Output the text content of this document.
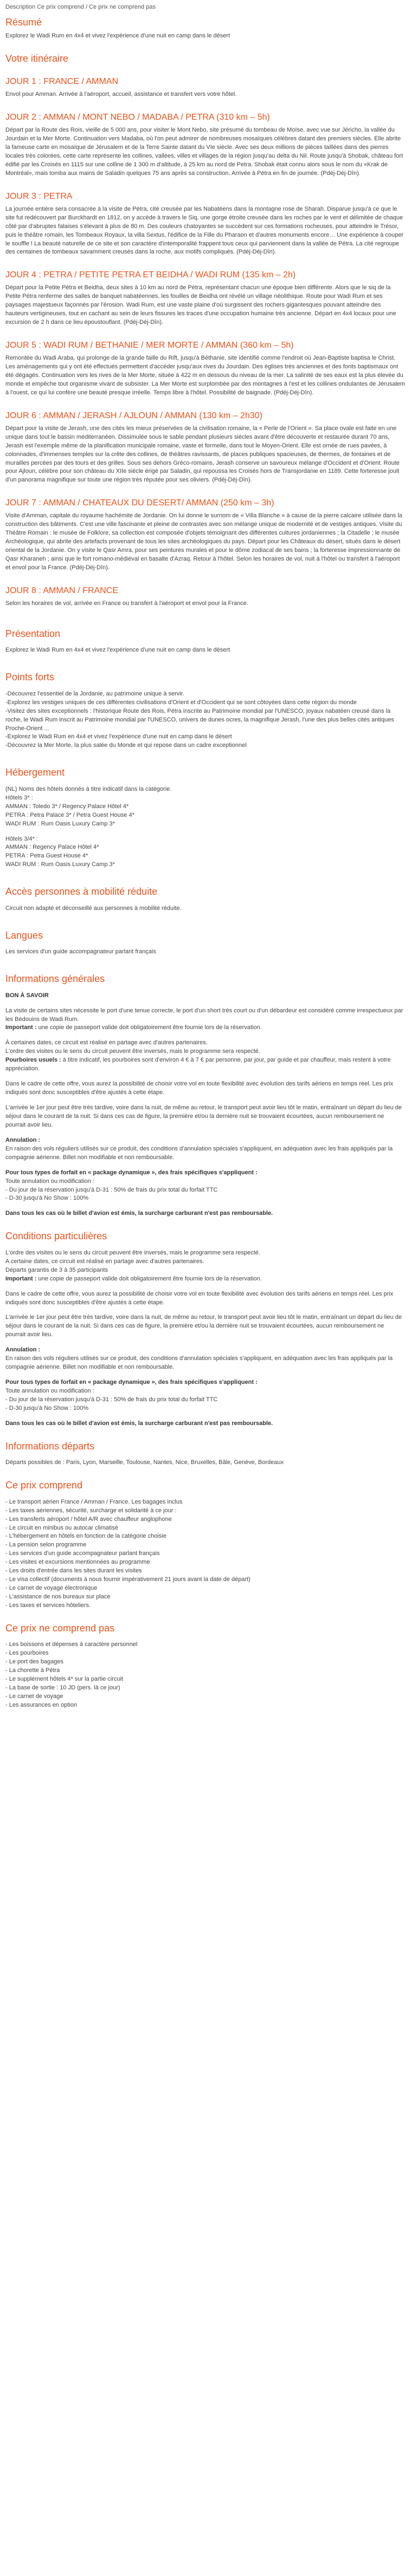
Description Ce prix comprend / Ce prix ne comprend pas

Résumé

Explorez le Wadi Rum en 4x4 et vivez l'expérience d'une nuit en camp dans le désert

Votre itinéraire
JOUR 1 : FRANCE / AMMAN

Envol pour Amman. Arrivée à l'aéroport, accueil, assistance et transfert vers votre hôtel.

JOUR 2 : AMMAN / MONT NEBO / MADABA / PETRA (310 km – 5h)

Départ par la Route des Rois, vieille de 5 000 ans, pour visiter le Mont Nebo, site présumé du tombeau de Moïse, avec vue sur Jéricho, la vallée du Jourdain et la Mer Morte. Continuation vers Madaba, où l'on peut admirer de nombreuses mosaïques célèbres datant des premiers siècles. Elle abrite la fameuse carte en mosaïque de Jérusalem et de la Terre Sainte datant du VIe siècle. Avec ses deux millions de pièces taillées dans des pierres locales très colorées, cette carte représente les collines, vallées, villes et villages de la région jusqu'au delta du Nil. Route jusqu'à Shobak, château fort édifié par les Croisés en 1115 sur une colline de 1 300 m d'altitude, à 25 km au nord de Petra. Shobak était connu alors sous le nom du «Krak de Montréal», mais tomba aux mains de Saladin quelques 75 ans après sa construction. Arrivée à Pétra en fin de journée. (Pdéj-Déj-Dîn).

JOUR 3 : PETRA

La journée entière sera consacrée à la visite de Pétra, cité creusée par les Nabatéens dans la montagne rose de Sharah. Disparue jusqu'à ce que le site fut redécouvert par Burckhardt en 1812, on y accède à travers le Siq, une gorge étroite creusée dans les roches par le vent et délimitée de chaque côté par d'abruptes falaises s'élevant à plus de 80 m. Des couleurs chatoyantes se succèdent sur ces formations rocheuses, pour atteindre le Trésor, puis le théâtre romain, les Tombeaux Royaux, la villa Sextus, l'édifice de la Fille du Pharaon et d'autres monuments encore… Une expérience à couper le souffle ! La beauté naturelle de ce site et son caractère d'intemporalité frappent tous ceux qui parviennent dans la vallée de Pétra. La cité regroupe des centaines de tombeaux savamment creusés dans la roche, aux motifs compliqués. (Pdéj-Déj-Dîn).

JOUR 4 : PETRA / PETITE PETRA ET BEIDHA / WADI RUM (135 km – 2h)

Départ pour la Petite Pétra et Beidha, deux sites à 10 km au nord de Pétra, représentant chacun une époque bien différente. Alors que le siq de la Petite Pétra renferme des salles de banquet nabatéennes, les fouilles de Beidha ont révélé un village néolithique. Route pour Wadi Rum et ses paysages majestueux façonnés par l'érosion. Wadi Rum, est une vaste plaine d'où surgissent des rochers gigantesques pouvant atteindre des hauteurs vertigineuses, tout en cachant au sein de leurs fissures les traces d'une occupation humaine très ancienne. Départ en 4x4 locaux pour une excursion de 2 h dans ce lieu époustouflant. (Pdéj-Déj-Dîn).

JOUR 5 : WADI RUM / BETHANIE / MER MORTE / AMMAN (360 km – 5h)

Remontée du Wadi Araba, qui prolonge de la grande faille du Rift, jusqu'à Béthanie, site identifié comme l'endroit où Jean-Baptiste baptisa le Christ. Les aménagements qui y ont été effectués permettent d'accéder jusqu'aux rives du Jourdain. Des églises très anciennes et des fonts baptismaux ont été dégagés. Continuation vers les rives de la Mer Morte, située à 422 m en dessous du niveau de la mer. La salinité de ses eaux est la plus élevée du monde et empêche tout organisme vivant de subsister. La Mer Morte est surplombée par des montagnes à l'est et les collines ondulantes de Jérusalem à l'ouest, ce qui lui confère une beauté presque irréelle. Temps libre à l'hôtel. Possibilité de baignade. (Pdéj-Déj-Dîn).

JOUR 6 : AMMAN / JERASH / AJLOUN / AMMAN (130 km – 2h30)

Départ pour la visite de Jerash, une des cités les mieux préservées de la civilisation romaine, la « Perle de l'Orient ». Sa place ovale est faite en une unique dans tout le bassin méditerranéen. Dissimulée sous le sable pendant plusieurs siècles avant d'être découverte et restaurée durant 70 ans, Jerash est l'exemple même de la planification municipale romaine, vaste et formelle, dans tout le Moyen-Orient. Elle est ornée de rues pavées, à colonnades, d'immenses temples sur la crête des collines, de théâtres ravissants, de places publiques spacieuses, de thermes, de fontaines et de murailles percées par des tours et des grilles. Sous ses dehors Gréco-romains, Jerash conserve un savoureux mélange d'Occident et d'Orient. Route pour Ajloun, célèbre pour son château du XIIe siècle érigé par Saladin, qui repoussa les Croisés hors de Transjordanie en 1189. Cette forteresse jouit d'un panorama magnifique sur toute une région très réputée pour ses oliviers. (Pdéj-Déj-Dîn).

JOUR 7 : AMMAN / CHATEAUX DU DESERT/ AMMAN (250 km – 3h)

Visite d'Amman, capitale du royaume hachémite de Jordanie. On lui donne le surnom de « Villa Blanche » à cause de la pierre calcaire utilisée dans la construction des bâtiments. C'est une ville fascinante et pleine de contrastes avec son mélange unique de modernité et de vestiges antiques. Visite du Théâtre Romain : le musée de Folklore, sa collection est composée d'objets témoignant des différentes cultures jordaniennes ; la Citadelle ; le musée Archéologique, qui abrite des artefacts provenant de tous les sites archéologiques du pays. Départ pour les Châteaux du désert, situés dans le désert oriental de la Jordanie. On y visite le Qasr Amra, pour ses peintures murales et pour le dôme zodiacal de ses bains ; la forteresse impressionnante de Qasr Kharaneh ; ainsi que le fort romano-médiéval en basalte d'Azraq. Retour à l'hôtel. Selon les horaires de vol, nuit à l'hôtel ou transfert à l'aéroport et envol pour la France. (Pdéj-Déj-Dîn).

JOUR 8 : AMMAN / FRANCE

Selon les horaires de vol, arrivée en France ou transfert à l'aéroport et envol pour la France.

Présentation

Explorez le Wadi Rum en 4x4 et vivez l'expérience d'une nuit en camp dans le désert

Points forts

-Découvrez l'essentiel de la Jordanie, au patrimoine unique à servir.

-Explorez les vestiges uniques de ces différentes civilisations d'Orient et d'Occident qui se sont côtoyées dans cette région du monde

-Visitez des sites exceptionnels : l'historique Route des Rois, Pétra inscrite au Patrimoine mondial par l'UNESCO, joyaux nabatéen creusé dans la roche, le Wadi Rum inscrit au Patrimoine mondial par l'UNESCO, univers de dunes ocres, la magnifique Jerash, l'une des plus belles cités antiques Proche-Orient ...

-Explorez le Wadi Rum en 4x4 et vivez l'expérience d'une nuit en camp dans le désert

-Découvrez la Mer Morte, la plus salée du Monde et qui repose dans un cadre exceptionnel

Hébergement

(NL) Noms des hôtels donnés à titre indicatif dans la catégorie.

Hôtels 3* :

AMMAN : Toledo 3* / Regency Palace Hôtel 4*

PETRA : Petra Palace 3* / Petra Guest House 4*

WADI RUM : Rum Oasis Luxury Camp 3*

Hôtels 3/4* :

AMMAN : Regency Palace Hôtel 4*

PETRA : Petra Guest House 4*

WADI RUM : Rum Oasis Luxury Camp 3*

Accès personnes à mobilité réduite

Circuit non adapté et déconseillé aux personnes à mobilité réduite.

Langues

Les services d'un guide accompagnateur parlant français

Informations générales

BON À SAVOIR

La visite de certains sites nécessite le port d'une tenue correcte, le port d'un short très court ou d'un débardeur est considéré comme irrespectueux par les Bédouins de Wadi Rum.

Important : une copie de passeport valide doit obligatoirement être fournie lors de la réservation.

À certaines dates, ce circuit est réalisé en partage avec d'autres partenaires.

L'ordre des visites ou le sens du circuit peuvent être inversés, mais le programme sera respecté.

Pourboires usuels : à titre indicatif, les pourboires sont d'environ 4 € à 7 € par personne, par jour, par guide et par chauffeur, mais restent à votre appréciation.

Dans le cadre de cette offre, vous aurez la possibilité de choisir votre vol en toute flexibilité avec évolution des tarifs aériens en temps réel. Les prix indiqués sont donc susceptibles d'être ajustés à cette étape.

L'arrivée le 1er jour peut être très tardive, voire dans la nuit, de même au retour, le transport peut avoir lieu tôt le matin, entraînant un départ du lieu de séjour dans le courant de la nuit. Si dans ces cas de figure, la première et/ou la dernière nuit se trouvaient écourtées, aucun remboursement ne pourrait avoir lieu.

Annulation :

En raison des vols réguliers utilisés sur ce produit, des conditions d'annulation spéciales s'appliquent, en adéquation avec les frais appliqués par la compagnie aérienne. Billet non modifiable et non remboursable.

Pour tous types de forfait en « package dynamique », des frais spécifiques s'appliquent :

Toute annulation ou modification :

- Du jour de la réservation jusqu'à D-31 : 50% de frais du prix total du forfait TTC

- D-30 jusqu'à No Show : 100%

Dans tous les cas où le billet d'avion est émis, la surcharge carburant n'est pas remboursable.

Conditions particulières

L'ordre des visites ou le sens du circuit peuvent être inversés, mais le programme sera respecté.

A certaine dates, ce circuit est réalisé en partage avec d'autres partenaires.

Départs garantis de 3 à 35 participants

Important : une copie de passeport valide doit obligatoirement être fournie lors de la réservation.

Dans le cadre de cette offre, vous aurez la possibilité de choisir votre vol en toute flexibilité avec évolution des tarifs aériens en temps réel. Les prix indiqués sont donc susceptibles d'être ajustés à cette étape.

L'arrivée le 1er jour peut être très tardive, voire dans la nuit, de même au retour, le transport peut avoir lieu tôt le matin, entraînant un départ du lieu de séjour dans le courant de la nuit. Si dans ces cas de figure, la première et/ou la dernière nuit se trouvaient écourtées, aucun remboursement ne pourrait avoir lieu.

Annulation :

En raison des vols réguliers utilisés sur ce produit, des conditions d'annulation spéciales s'appliquent, en adéquation avec les frais appliqués par la compagnie aérienne. Billet non modifiable et non remboursable.

Pour tous types de forfait en « package dynamique », des frais spécifiques s'appliquent :

Toute annulation ou modification :

- Du jour de la réservation jusqu'à D-31 : 50% de frais du prix total du forfait TTC

- D-30 jusqu'à No Show : 100%

Dans tous les cas où le billet d'avion est émis, la surcharge carburant n'est pas remboursable.

Informations départs

Départs possibles de : Paris, Lyon, Marseille, Toulouse, Nantes, Nice, Bruxelles, Bâle, Genève, Bordeaux

Ce prix comprend

- Le transport aérien France / Amman / France. Les bagages inclus

- Les taxes aériennes, sécurité, surcharge et solidarité à ce jour :

- Les transferts aéroport / hôtel A/R avec chauffeur anglophone

- Le circuit en minibus ou autocar climatisé

- L'hébergement en hôtels en fonction de la catégorie choisie

- La pension selon programme

- Les services d'un guide accompagnateur parlant français

- Les visites et excursions mentionnées au programme

- Les droits d'entrée dans les sites durant les visites

- Le visa collectif (documents à nous fournir impérativement 21 jours avant la date de départ)

- Le carnet de voyage électronique

- L'assistance de nos bureaux sur place

- Les taxes et services hôteliers.

Ce prix ne comprend pas

- Les boissons et dépenses à caractère personnel

- Les pourboires

- Le port des bagages

- La chorette à Pétra

- Le supplément hôtels 4* sur la partie circuit

- La base de sortie : 10 JD (pers. là ce jour)

- Le carnet de voyage

- Les assurances en option
